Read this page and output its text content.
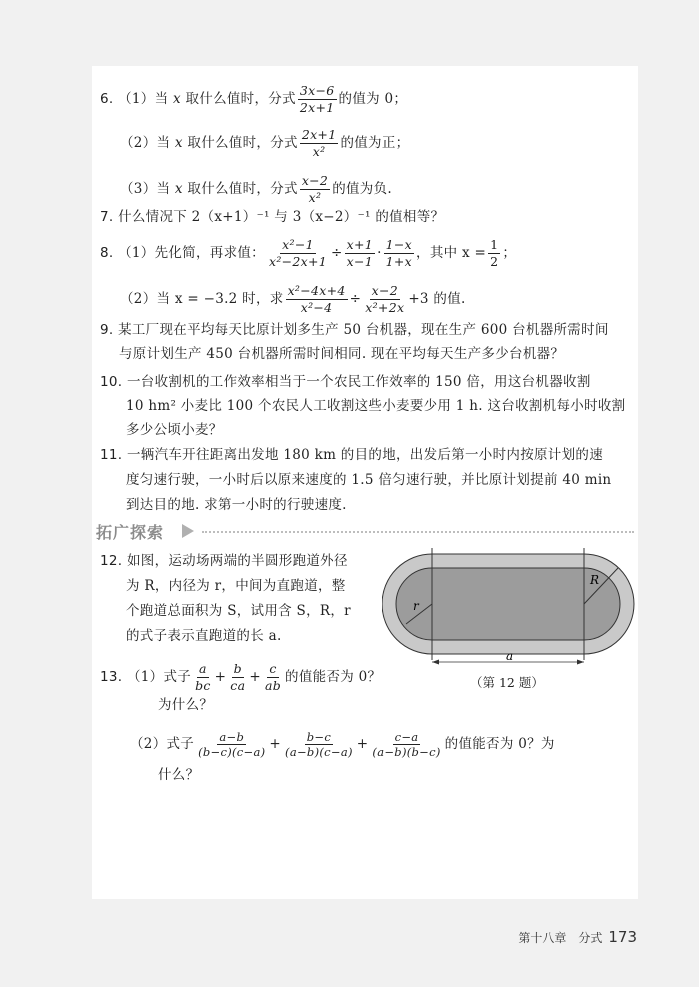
6. （1）当 x 取什么值时，分式 $\frac{3x-6}{2x+1}$ 的值为 0；
（2）当 x 取什么值时，分式 $\frac{2x+1}{\text{x²}}$ 的值为正；
（3）当 x 取什么值时，分式 $\frac{x-2}{\text{x²}}$ 的值为负.
7. 什么情况下 2（x+1）⁻¹ 与 3（x−2）⁻¹ 的值相等？
8. （1）先化简，再求值： $\frac{\text{x²−1}}{\text{x²−2x+1}} \div \frac{x+1}{x-1} \cdot \frac{1-x}{1+x}$ ，其中 $x = \frac{1}{2}$ ；
（2）当 x = −3.2 时，求 $\frac{\text{x²−4x+4}}{\text{x²−4}} \div \frac{x-2}{\text{x²+2x}} +3$ 的值.
9. 某工厂现在平均每天比原计划多生产 50 台机器，现在生产 600 台机器所需时间
与原计划生产 450 台机器所需时间相同. 现在平均每天生产多少台机器？
10. 一台收割机的工作效率相当于一个农民工作效率的 150 倍，用这台机器收割
10 hm² 小麦比 100 个农民人工收割这些小麦要少用 1 h. 这台收割机每小时收割
多少公顷小麦？
11. 一辆汽车开往距离出发地 180 km 的目的地，出发后第一小时内按原计划的速
度匀速行驶，一小时后以原来速度的 1.5 倍匀速行驶，并比原计划提前 40 min
到达目的地. 求第一小时的行驶速度.
拓广探索
12. 如图，运动场两端的半圆形跑道外径
为 R，内径为 r，中间为直跑道，整
个跑道总面积为 S，试用含 S，R，r
的式子表示直跑道的长 a.
13. （1）式子 $\frac{a}{bc} + \frac{b}{ca} + \frac{c}{ab}$ 的值能否为 0？
为什么？
（2）式子 $\frac{a-b}{(b-c)(c-a)} + \frac{b-c}{(a-b)(c-a)} + \frac{c-a}{(a-b)(b-c)}$ 的值能否为 0？为
什么？
R
r
a
（第 12 题）
第十八章　分式 173
